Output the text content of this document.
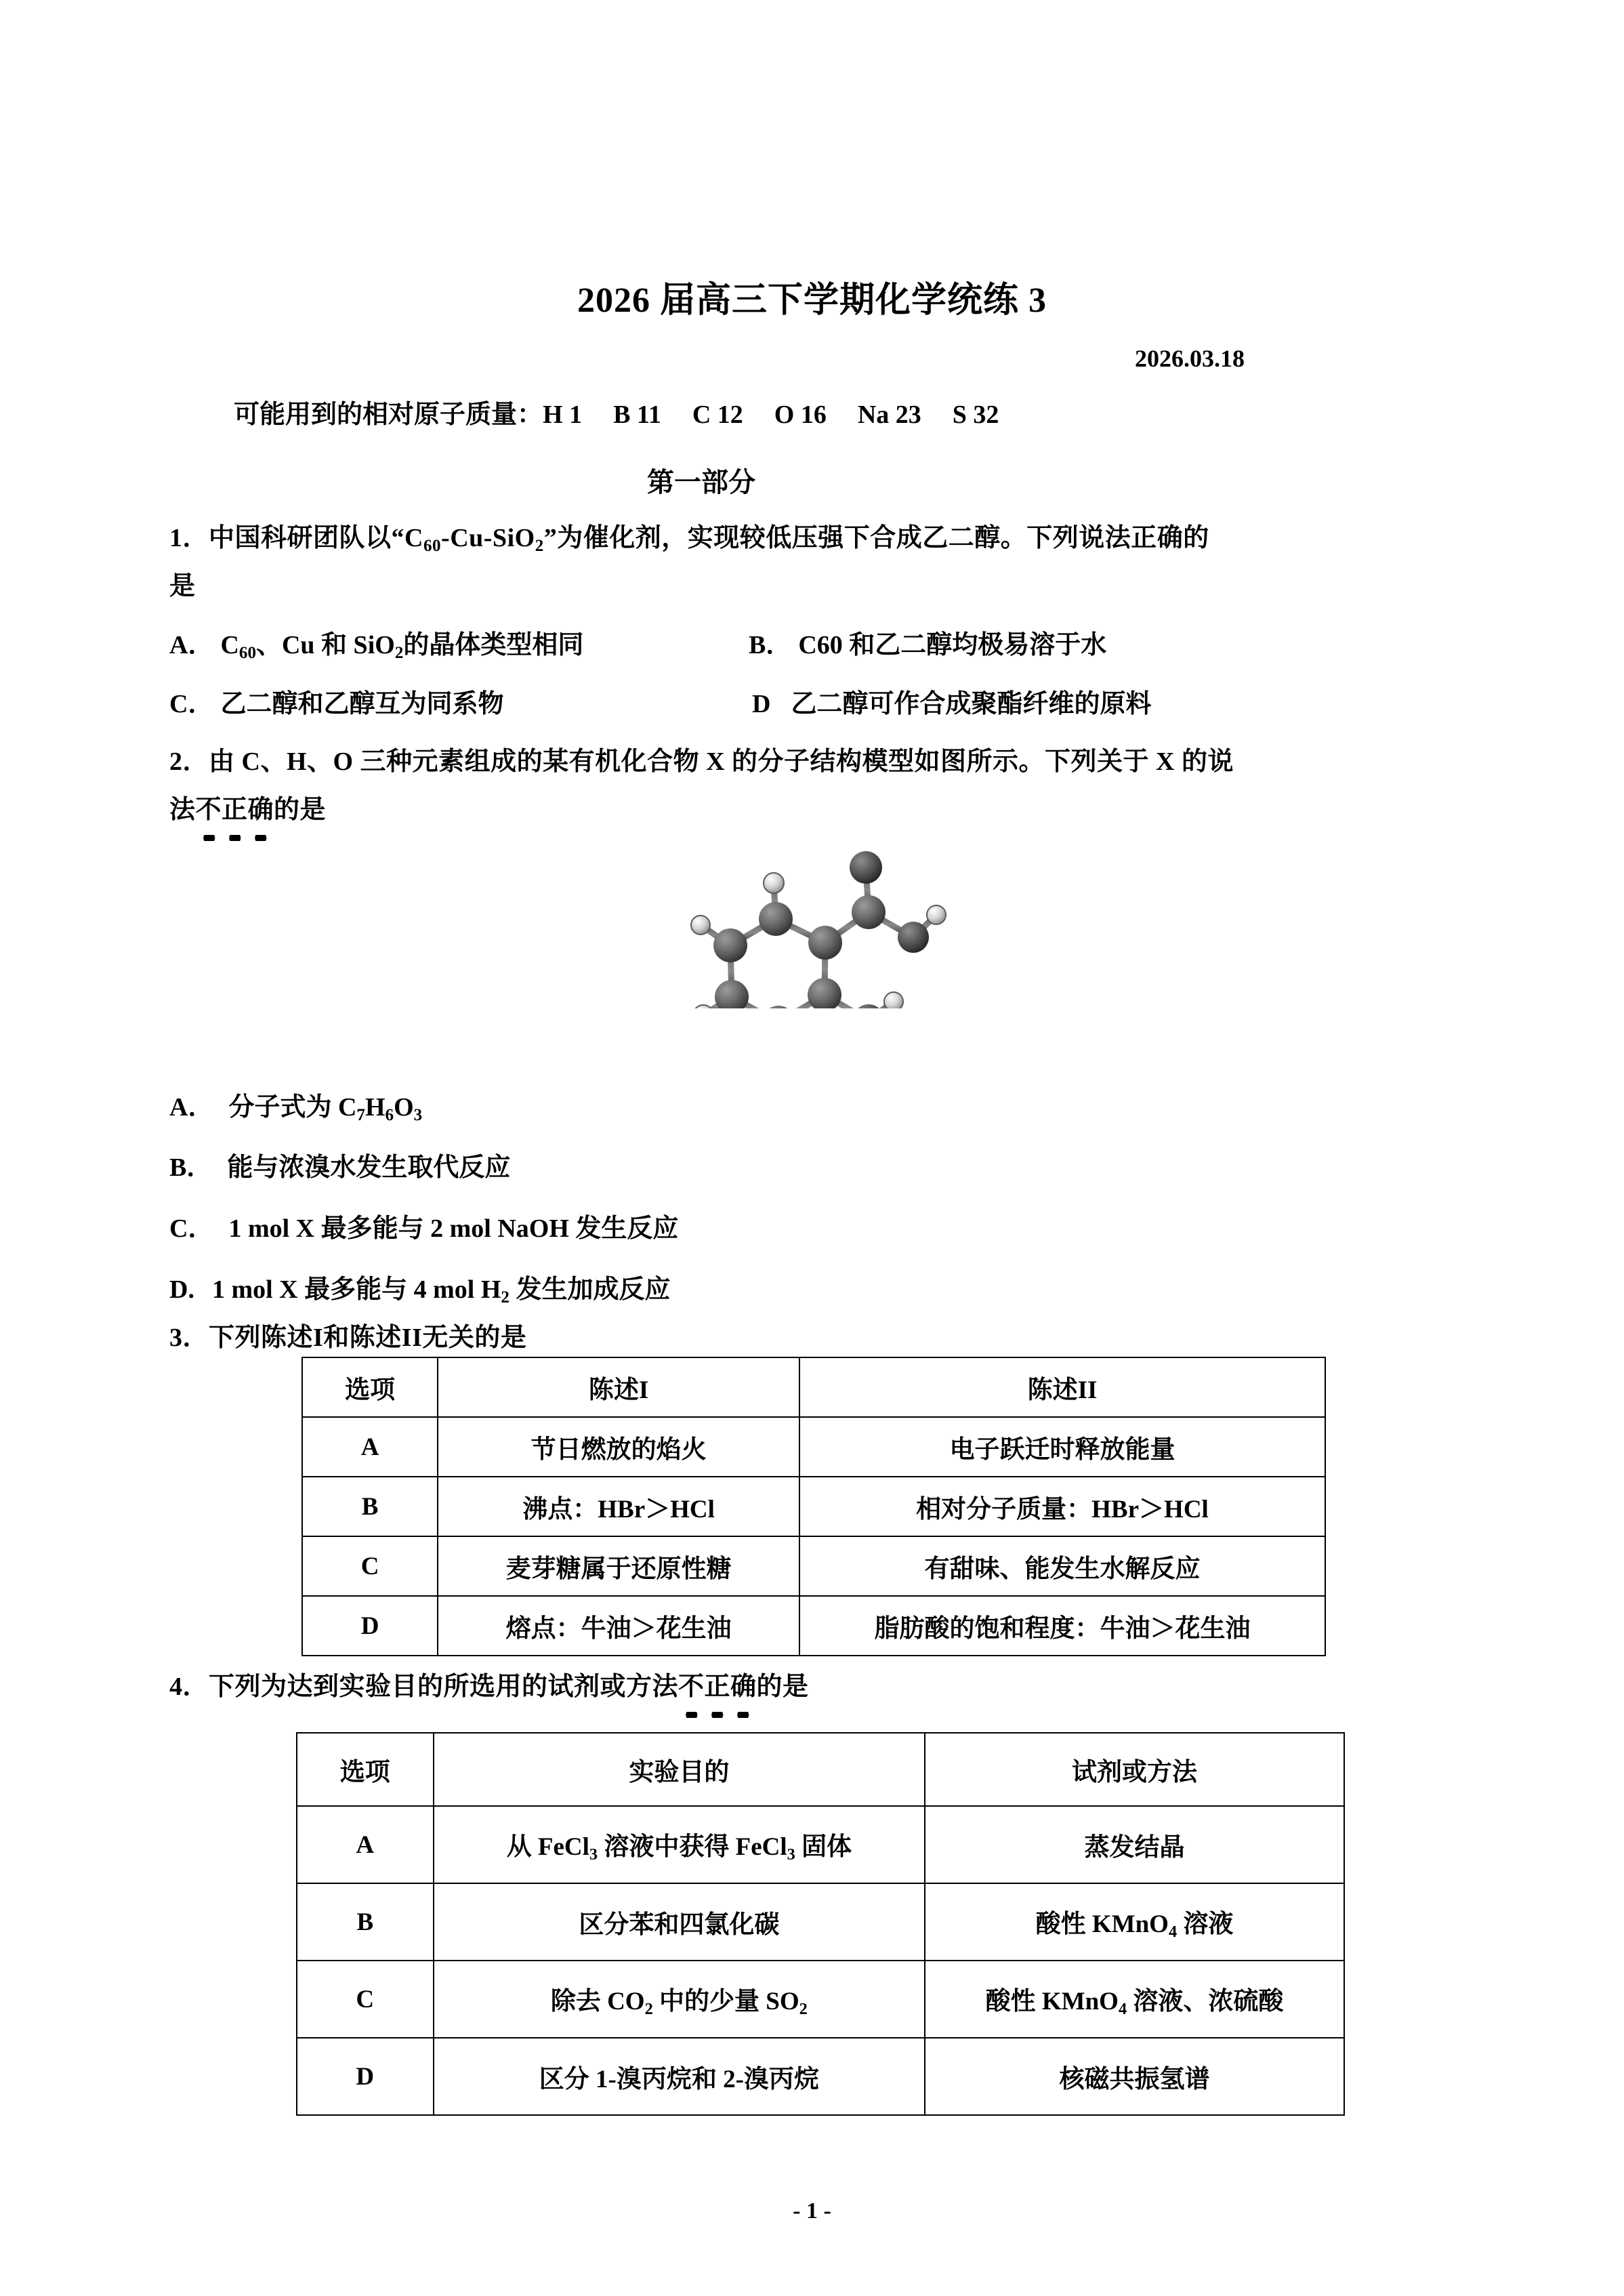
2026 届高三下学期化学统练 3
2026.03.18
可能用到的相对原子质量：H 1 B 11 C 12 O 16 Na 23 S 32
第一部分
1．中国科研团队以“$C_{60}-Cu-SiO_2$”为催化剂，实现较低压强下合成乙二醇。下列说法正确的
是
A． $C_{60}$、Cu 和 SiO$_2$的晶体类型相同	B． C60 和乙二醇均极易溶于水
C． 乙二醇和乙醇互为同系物	D 乙二醇可作合成聚酯纤维的原料
2．由 C、H、O 三种元素组成的某有机化合物 X 的分子结构模型如图所示。下列关于 X 的说
法不正确的是
A． 分子式为 $C_7H_6O_3$
B． 能与浓溴水发生取代反应
C． 1 mol X 最多能与 2 mol NaOH 发生反应
D. 1 mol X 最多能与 4 mol $H_2$ 发生加成反应
3．下列陈述I和陈述II无关的是
选项	陈述I	陈述II
A	节日燃放的焰火	电子跃迁时释放能量
B	沸点：HBr＞HCl	相对分子质量：HBr＞HCl
C	麦芽糖属于还原性糖	有甜味、能发生水解反应
D	熔点：牛油＞花生油	脂肪酸的饱和程度：牛油＞花生油
4．下列为达到实验目的所选用的试剂或方法不正确的是
选项	实验目的	试剂或方法
A	从 FeCl$_3$ 溶液中获得 FeCl$_3$ 固体	蒸发结晶
B	区分苯和四氯化碳	酸性 KMnO$_4$ 溶液
C	除去 $CO_2$ 中的少量 $SO_2$	酸性 KMnO$_4$ 溶液、浓硫酸
D	区分 1-溴丙烷和 2-溴丙烷	核磁共振氢谱
- 1 -
